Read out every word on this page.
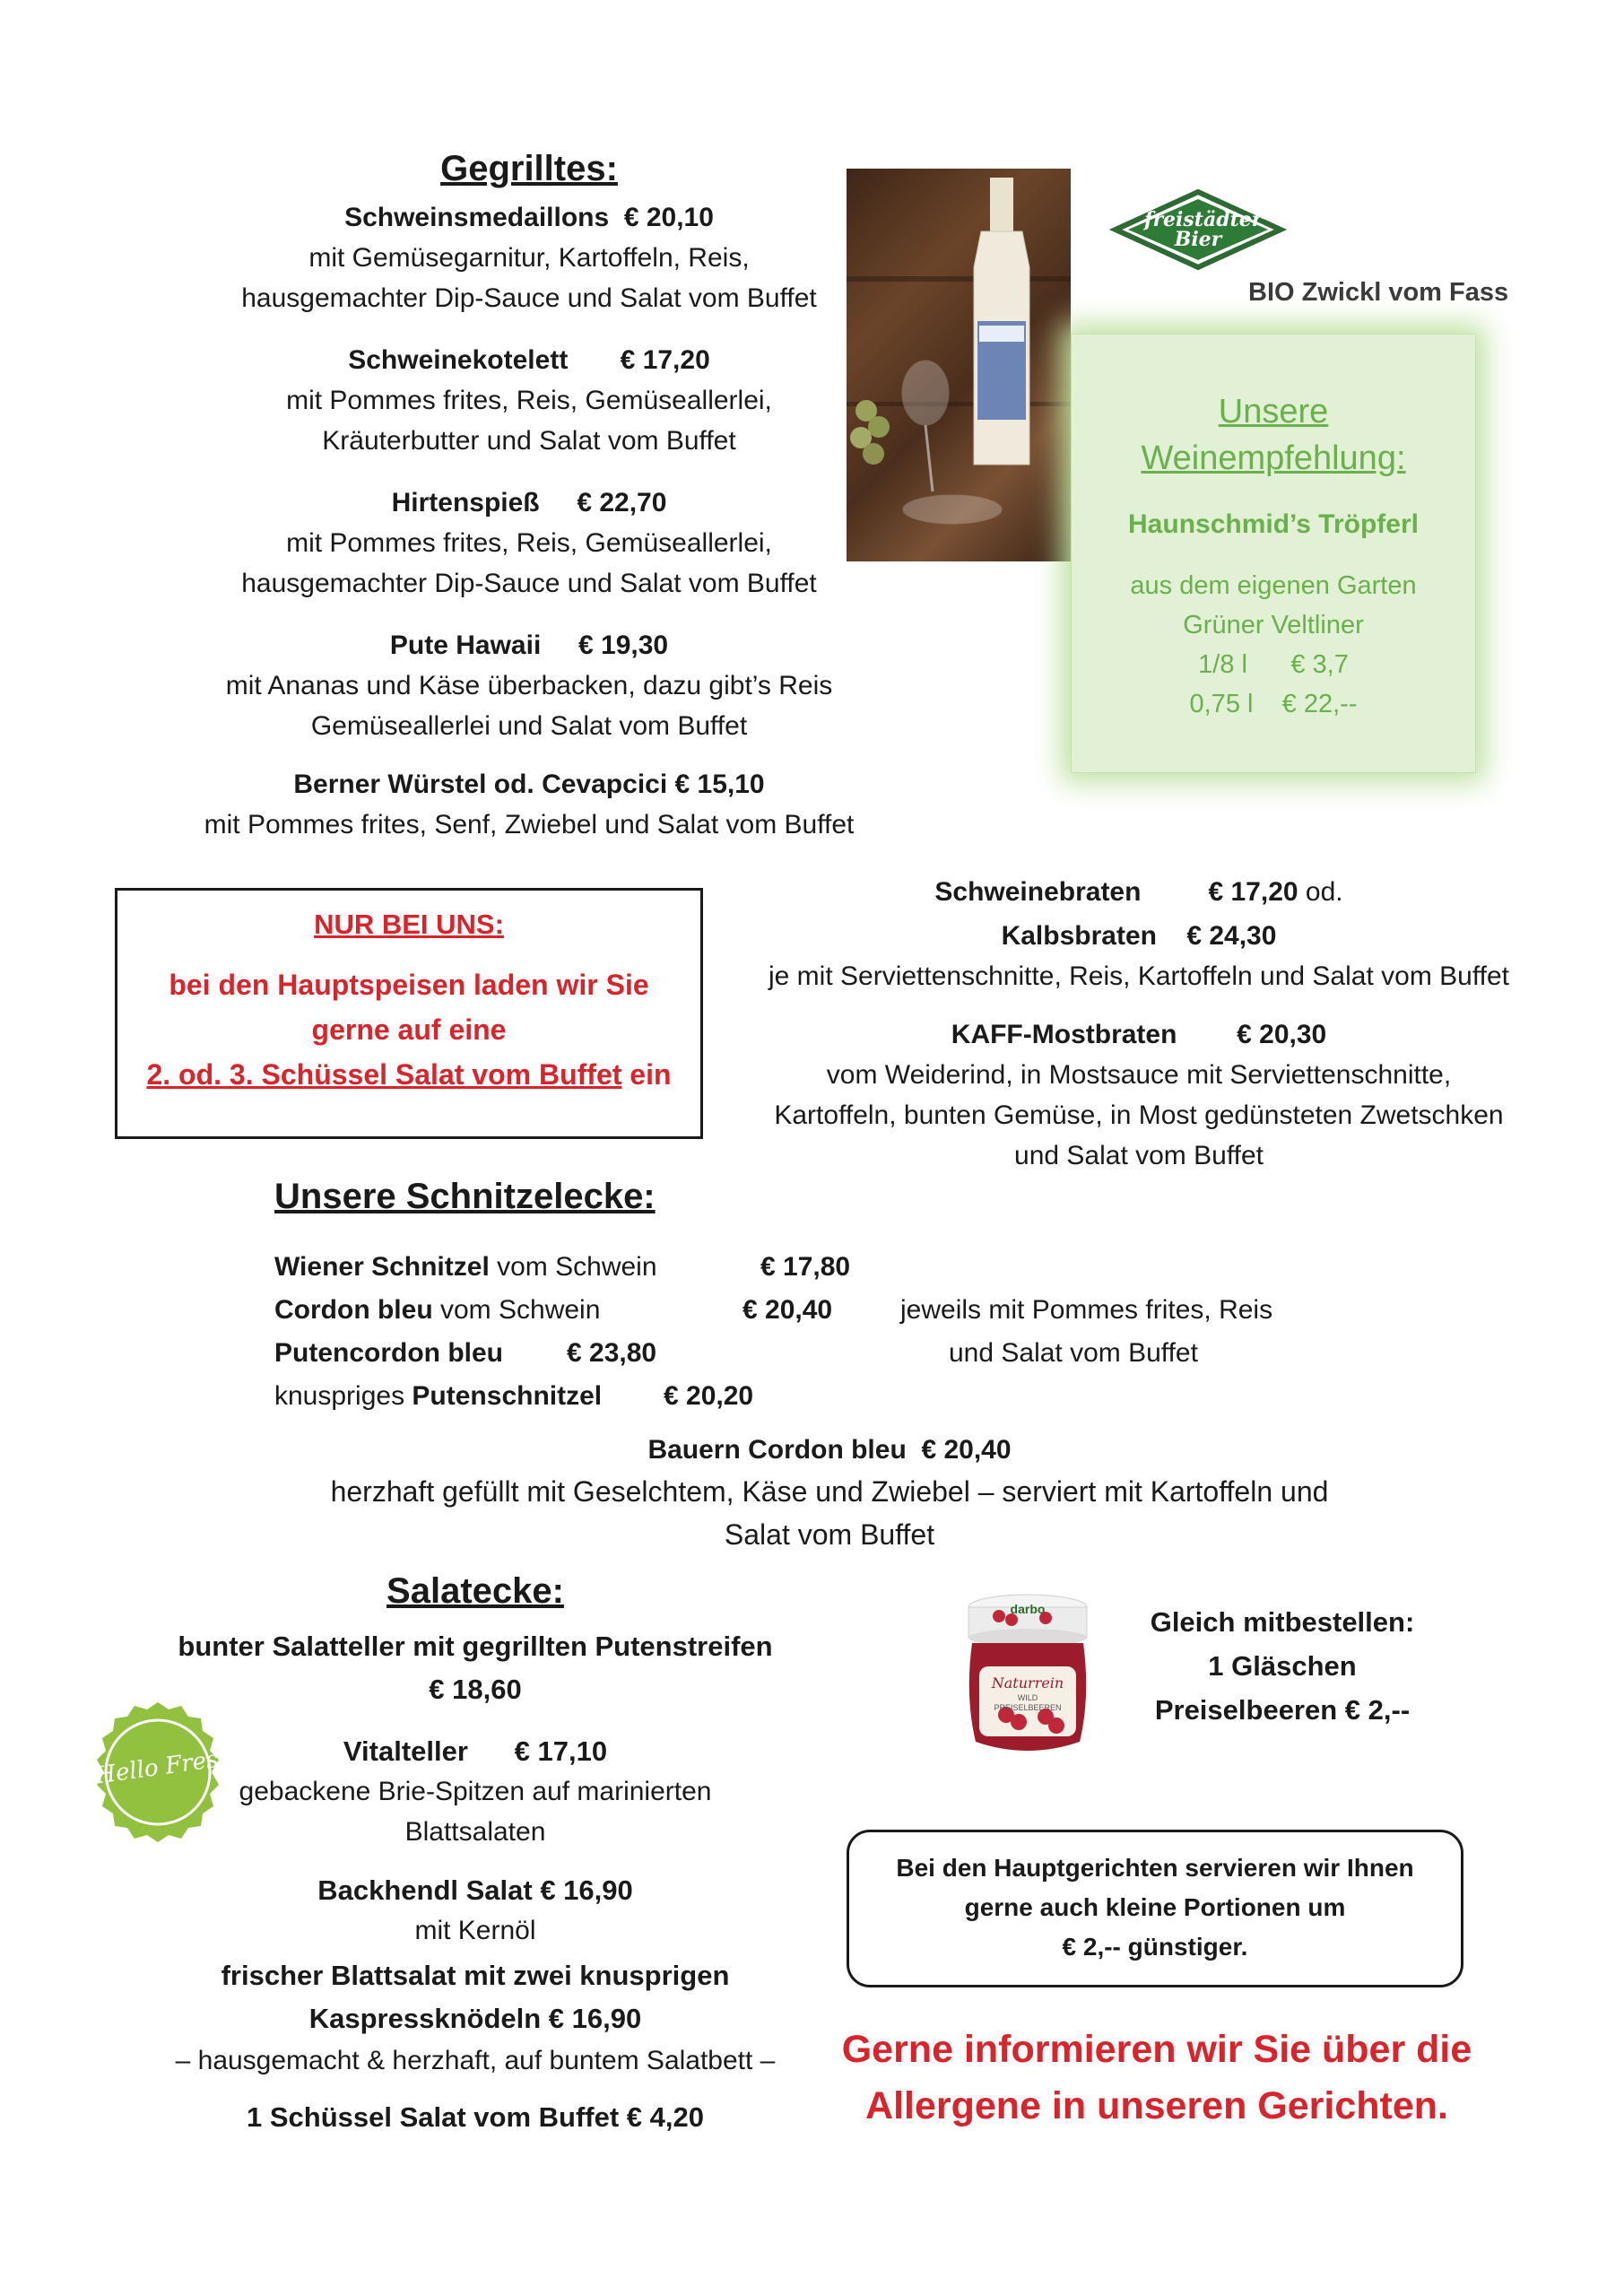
Gegrilltes:
Schweinsmedaillons € 20,10
mit Gemüsegarnitur, Kartoffeln, Reis,
hausgemachter Dip-Sauce und Salat vom Buffet
Schweinekotelett € 17,20
mit Pommes frites, Reis, Gemüseallerlei,
Kräuterbutter und Salat vom Buffet
Hirtenspieß € 22,70
mit Pommes frites, Reis, Gemüseallerlei,
hausgemachter Dip-Sauce und Salat vom Buffet
Pute Hawaii € 19,30
mit Ananas und Käse überbacken, dazu gibt’s Reis
Gemüseallerlei und Salat vom Buffet
Berner Würstel od. Cevapcici € 15,10
mit Pommes frites, Senf, Zwiebel und Salat vom Buffet
freistädter Bier
BIO Zwickl vom Fass
Unsere
Weinempfehlung:
Haunschmid’s Tröpferl
aus dem eigenen Garten
Grüner Veltliner
1/8 l      € 3,7
0,75 l    € 22,--
NUR BEI UNS:
bei den Hauptspeisen laden wir Sie
gerne auf eine
2. od. 3. Schüssel Salat vom Buffet ein
Schweinebraten	€ 17,20 od.
Kalbsbraten € 24,30
je mit Serviettenschnitte, Reis, Kartoffeln und Salat vom Buffet
KAFF-Mostbraten € 20,30
vom Weiderind, in Mostsauce mit Serviettenschnitte,
Kartoffeln, bunten Gemüse, in Most gedünsteten Zwetschken
und Salat vom Buffet
Unsere Schnitzelecke:
Wiener Schnitzel vom Schwein	€ 17,80
Cordon bleu vom Schwein	€ 20,40
Putencordon bleu € 23,80
knuspriges Putenschnitzel € 20,20
jeweils mit Pommes frites, Reis
und Salat vom Buffet
Bauern Cordon bleu € 20,40
herzhaft gefüllt mit Geselchtem, Käse und Zwiebel – serviert mit Kartoffeln und
Salat vom Buffet
Salatecke:
bunter Salatteller mit gegrillten Putenstreifen
€ 18,60
Vitalteller € 17,10
gebackene Brie-Spitzen auf marinierten
Blattsalaten
Backhendl Salat € 16,90
mit Kernöl
frischer Blattsalat mit zwei knusprigen
Kaspressknödeln € 16,90
– hausgemacht & herzhaft, auf buntem Salatbett –
1 Schüssel Salat vom Buffet € 4,20
Hello Fresh
darbo
Naturrein
WILD PREISELBEEREN
Gleich mitbestellen:
1 Gläschen
Preiselbeeren € 2,--
Bei den Hauptgerichten servieren wir Ihnen
gerne auch kleine Portionen um
€ 2,-- günstiger.
Gerne informieren wir Sie über die
Allergene in unseren Gerichten.
